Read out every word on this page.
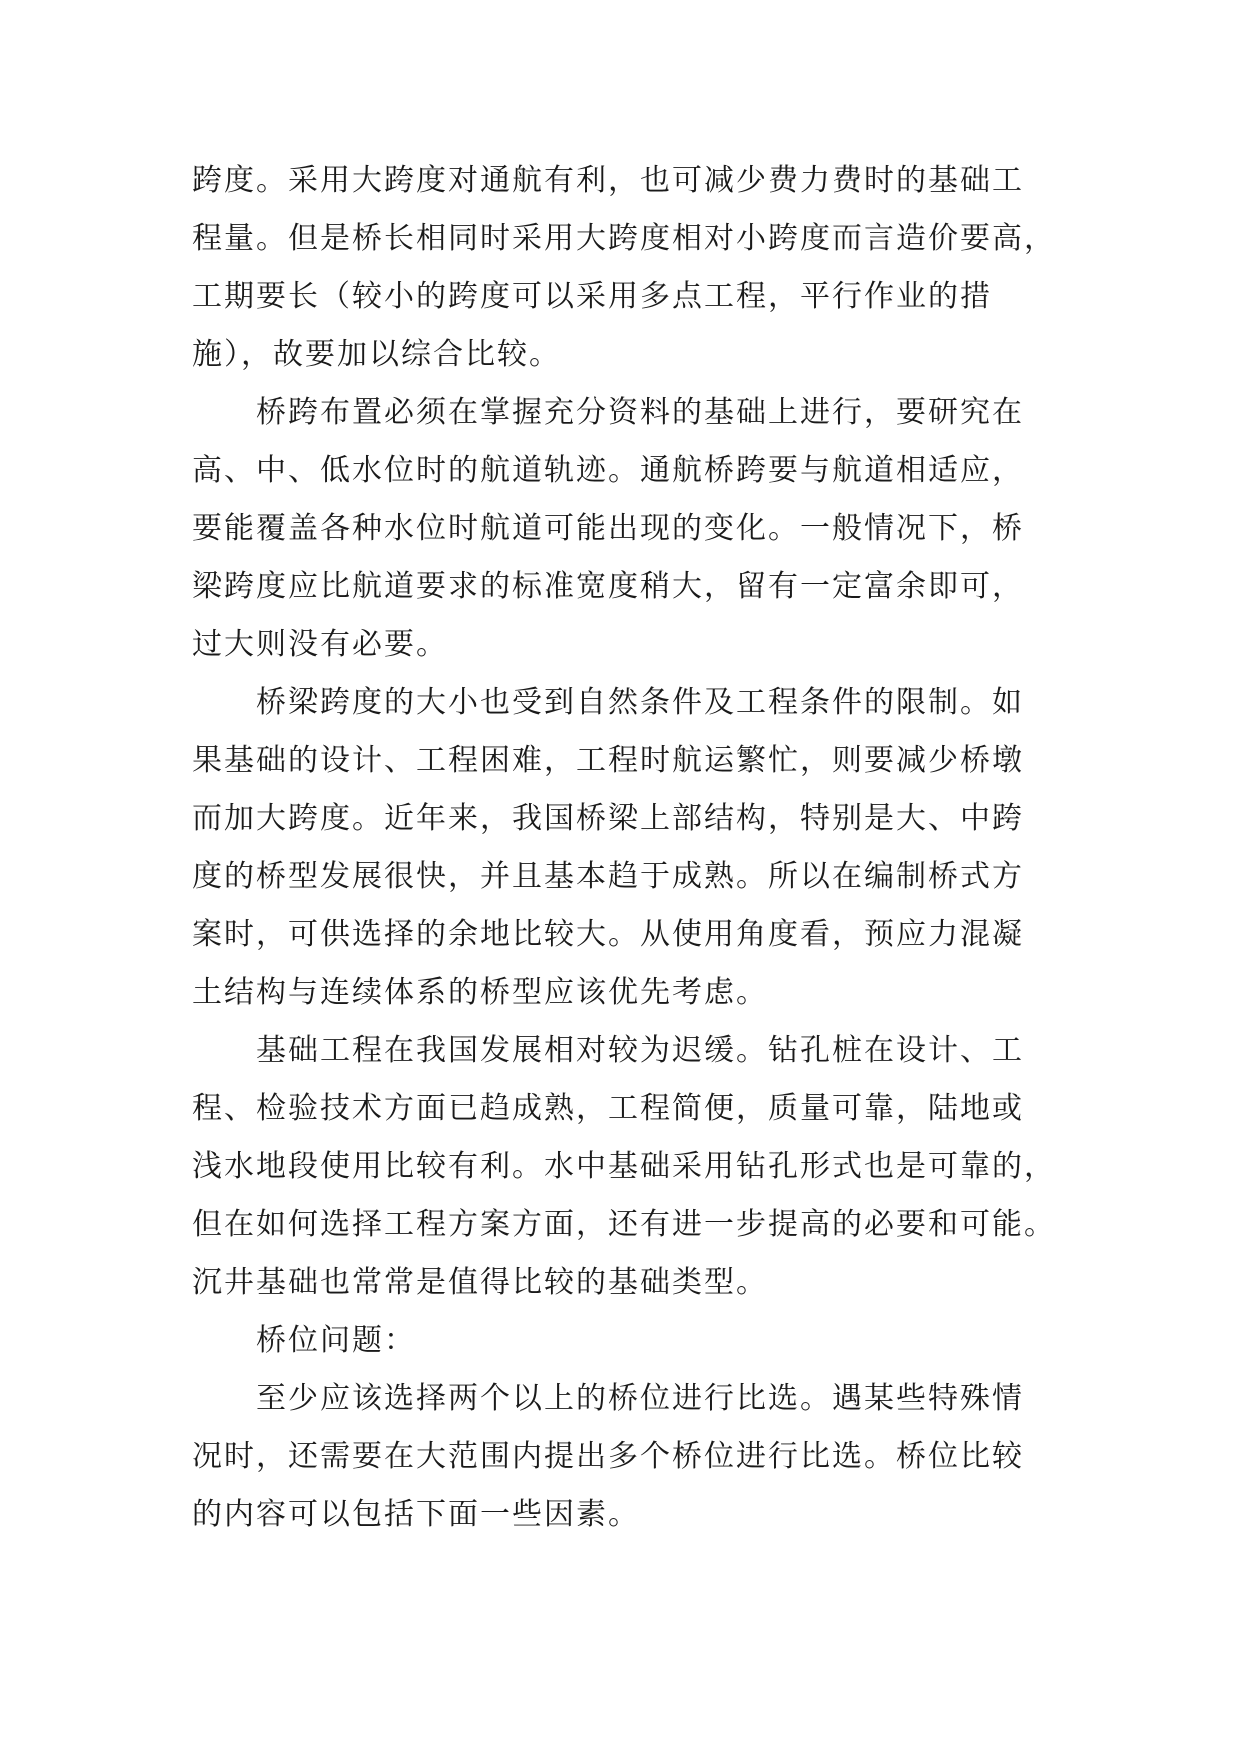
跨度。采用大跨度对通航有利，也可减少费力费时的基础工
程量。但是桥长相同时采用大跨度相对小跨度而言造价要高，
工期要长（较小的跨度可以采用多点工程，平行作业的措
施），故要加以综合比较。
桥跨布置必须在掌握充分资料的基础上进行，要研究在
高、中、低水位时的航道轨迹。通航桥跨要与航道相适应，
要能覆盖各种水位时航道可能出现的变化。一般情况下，桥
梁跨度应比航道要求的标准宽度稍大，留有一定富余即可，
过大则没有必要。
桥梁跨度的大小也受到自然条件及工程条件的限制。如
果基础的设计、工程困难，工程时航运繁忙，则要减少桥墩
而加大跨度。近年来，我国桥梁上部结构，特别是大、中跨
度的桥型发展很快，并且基本趋于成熟。所以在编制桥式方
案时，可供选择的余地比较大。从使用角度看，预应力混凝
土结构与连续体系的桥型应该优先考虑。
基础工程在我国发展相对较为迟缓。钻孔桩在设计、工
程、检验技术方面已趋成熟，工程简便，质量可靠，陆地或
浅水地段使用比较有利。水中基础采用钻孔形式也是可靠的，
但在如何选择工程方案方面，还有进一步提高的必要和可能。
沉井基础也常常是值得比较的基础类型。
桥位问题：
至少应该选择两个以上的桥位进行比选。遇某些特殊情
况时，还需要在大范围内提出多个桥位进行比选。桥位比较
的内容可以包括下面一些因素。
